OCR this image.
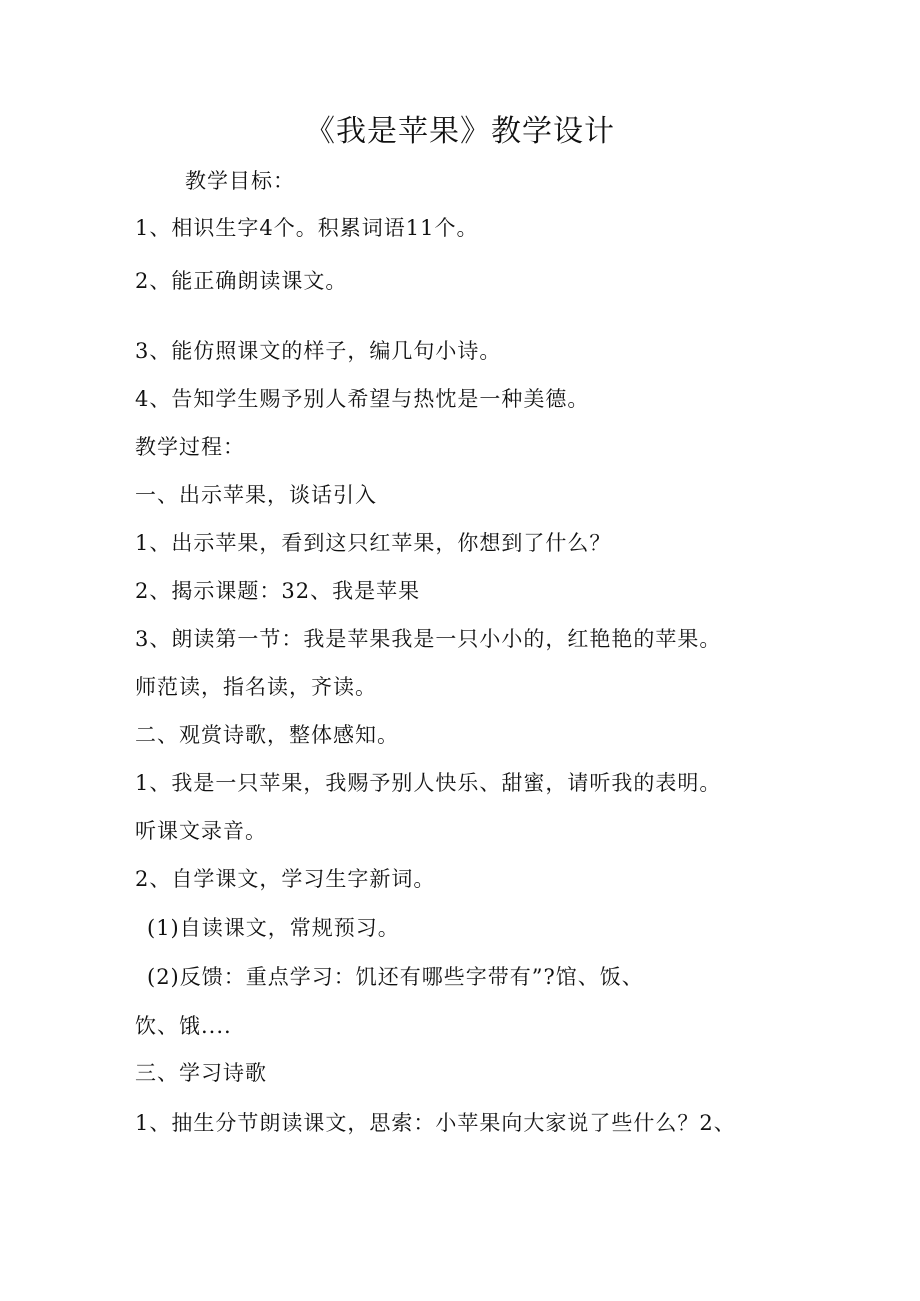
《我是苹果》教学设计
教学目标：
1、相识生字4个。积累词语11个。
2、能正确朗读课文。
3、能仿照课文的样子，编几句小诗。
4、告知学生赐予别人希望与热忱是一种美德。
教学过程：
一、出示苹果，谈话引入
1、出示苹果，看到这只红苹果，你想到了什么？
2、揭示课题：32、我是苹果
3、朗读第一节：我是苹果我是一只小小的，红艳艳的苹果。
师范读，指名读，齐读。
二、观赏诗歌，整体感知。
1、我是一只苹果，我赐予别人快乐、甜蜜，请听我的表明。
听课文录音。
2、自学课文，学习生字新词。
(1)自读课文，常规预习。
(2)反馈：重点学习：饥还有哪些字带有”?馆、饭、
饮、饿....
三、学习诗歌
1、抽生分节朗读课文，思索：小苹果向大家说了些什么？2、
